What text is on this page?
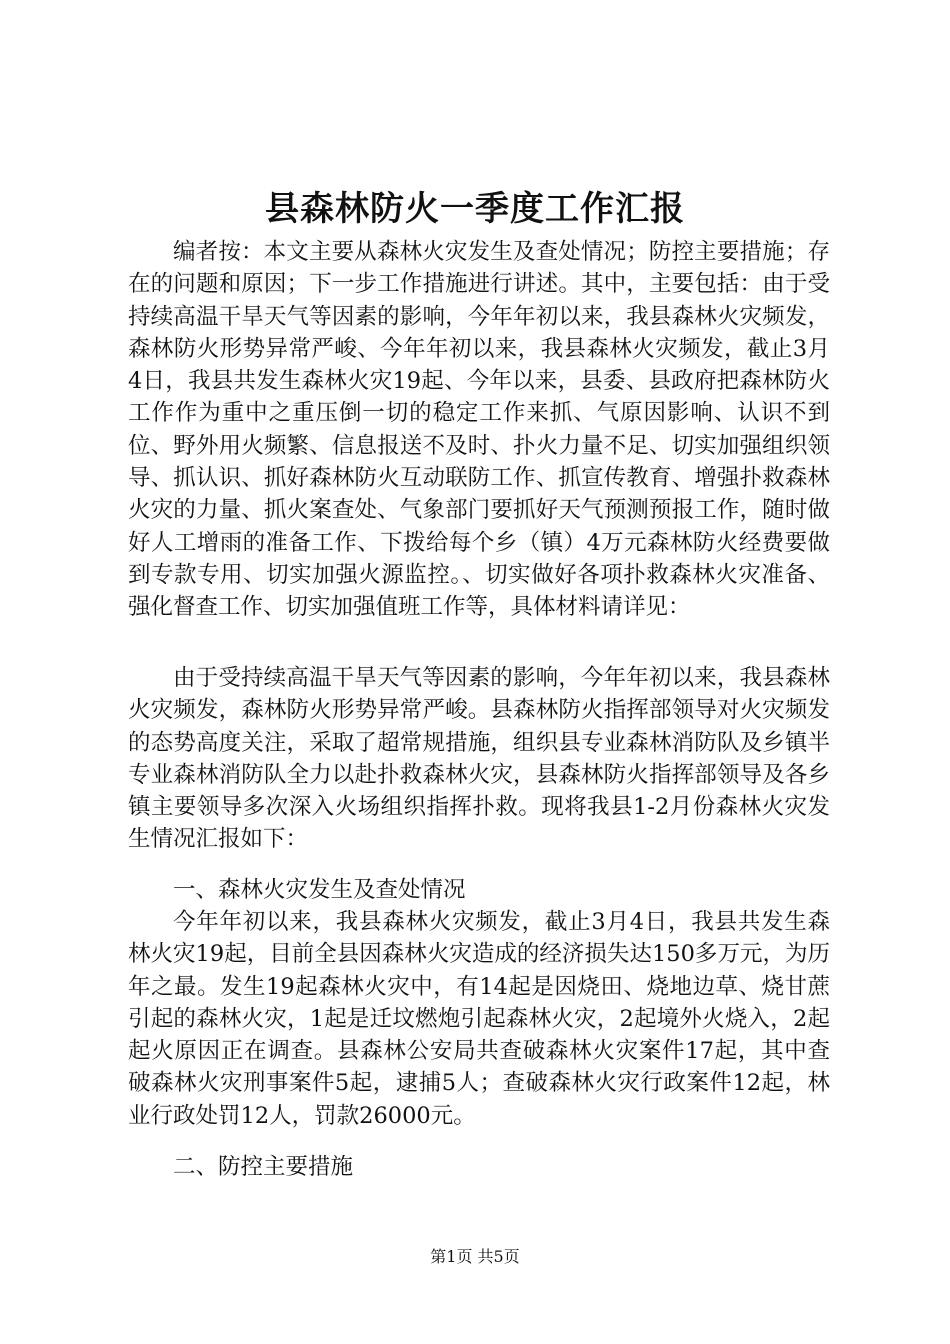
县森林防火一季度工作汇报

编者按：本文主要从森林火灾发生及查处情况；防控主要措施；存在的问题和原因；下一步工作措施进行讲述。其中，主要包括：由于受持续高温干旱天气等因素的影响，今年年初以来，我县森林火灾频发，森林防火形势异常严峻、今年年初以来，我县森林火灾频发，截止3月4日，我县共发生森林火灾19起、今年以来，县委、县政府把森林防火工作作为重中之重压倒一切的稳定工作来抓、气原因影响、认识不到位、野外用火频繁、信息报送不及时、扑火力量不足、切实加强组织领导、抓认识、抓好森林防火互动联防工作、抓宣传教育、增强扑救森林火灾的力量、抓火案查处、气象部门要抓好天气预测预报工作，随时做好人工增雨的准备工作、下拨给每个乡（镇）4万元森林防火经费要做到专款专用、切实加强火源监控。、切实做好各项扑救森林火灾准备、强化督查工作、切实加强值班工作等，具体材料请详见：

由于受持续高温干旱天气等因素的影响，今年年初以来，我县森林火灾频发，森林防火形势异常严峻。县森林防火指挥部领导对火灾频发的态势高度关注，采取了超常规措施，组织县专业森林消防队及乡镇半专业森林消防队全力以赴扑救森林火灾，县森林防火指挥部领导及各乡镇主要领导多次深入火场组织指挥扑救。现将我县1-2月份森林火灾发生情况汇报如下：

一、森林火灾发生及查处情况

今年年初以来，我县森林火灾频发，截止3月4日，我县共发生森林火灾19起，目前全县因森林火灾造成的经济损失达150多万元，为历年之最。发生19起森林火灾中，有14起是因烧田、烧地边草、烧甘蔗引起的森林火灾，1起是迁坟燃炮引起森林火灾，2起境外火烧入，2起起火原因正在调查。县森林公安局共查破森林火灾案件17起，其中查破森林火灾刑事案件5起，逮捕5人；查破森林火灾行政案件12起，林业行政处罚12人，罚款26000元。

二、防控主要措施

第1页 共5页
